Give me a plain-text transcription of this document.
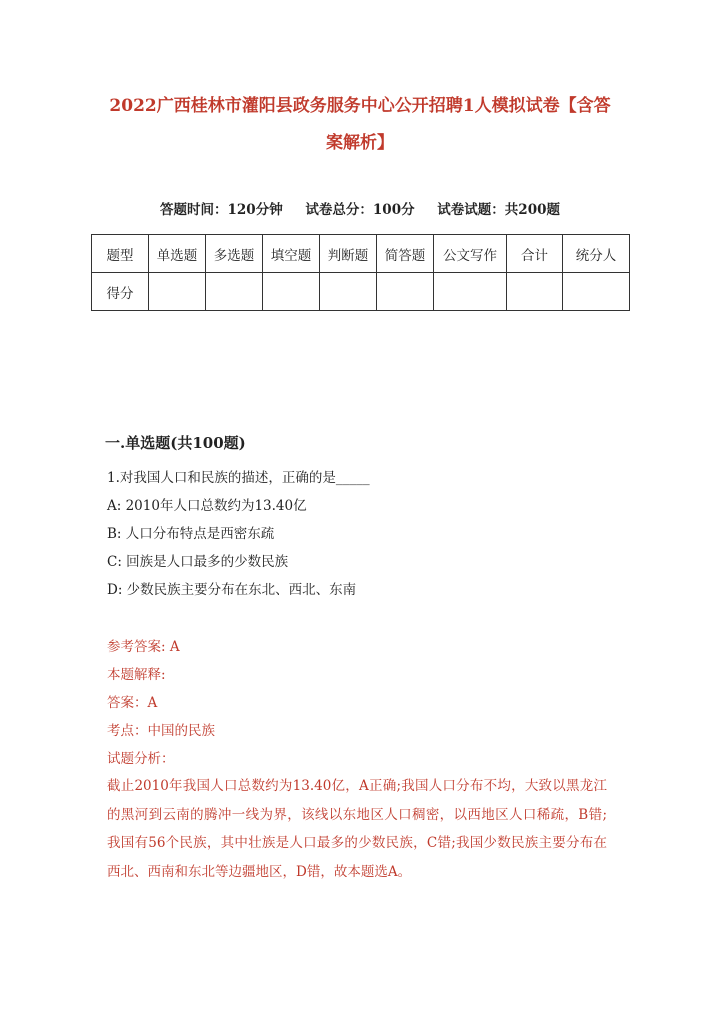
2022广西桂林市灌阳县政务服务中心公开招聘1人模拟试卷【含答
案解析】
答题时间：120分钟 试卷总分：100分 试卷试题：共200题
题型	单选题	多选题	填空题	判断题	简答题	公文写作	合计	统分人
得分								
一.单选题(共100题)
1.对我国人口和民族的描述，正确的是_____
A: 2010年人口总数约为13.40亿
B: 人口分布特点是西密东疏
C: 回族是人口最多的少数民族
D: 少数民族主要分布在东北、西北、东南
参考答案: A
本题解释:
答案：A
考点：中国的民族
试题分析：
截止2010年我国人口总数约为13.40亿，A正确;我国人口分布不均，大致以黑龙江的黑河到云南的腾冲一线为界，该线以东地区人口稠密，以西地区人口稀疏，B错;我国有56个民族，其中壮族是人口最多的少数民族，C错;我国少数民族主要分布在西北、西南和东北等边疆地区，D错，故本题选A。
